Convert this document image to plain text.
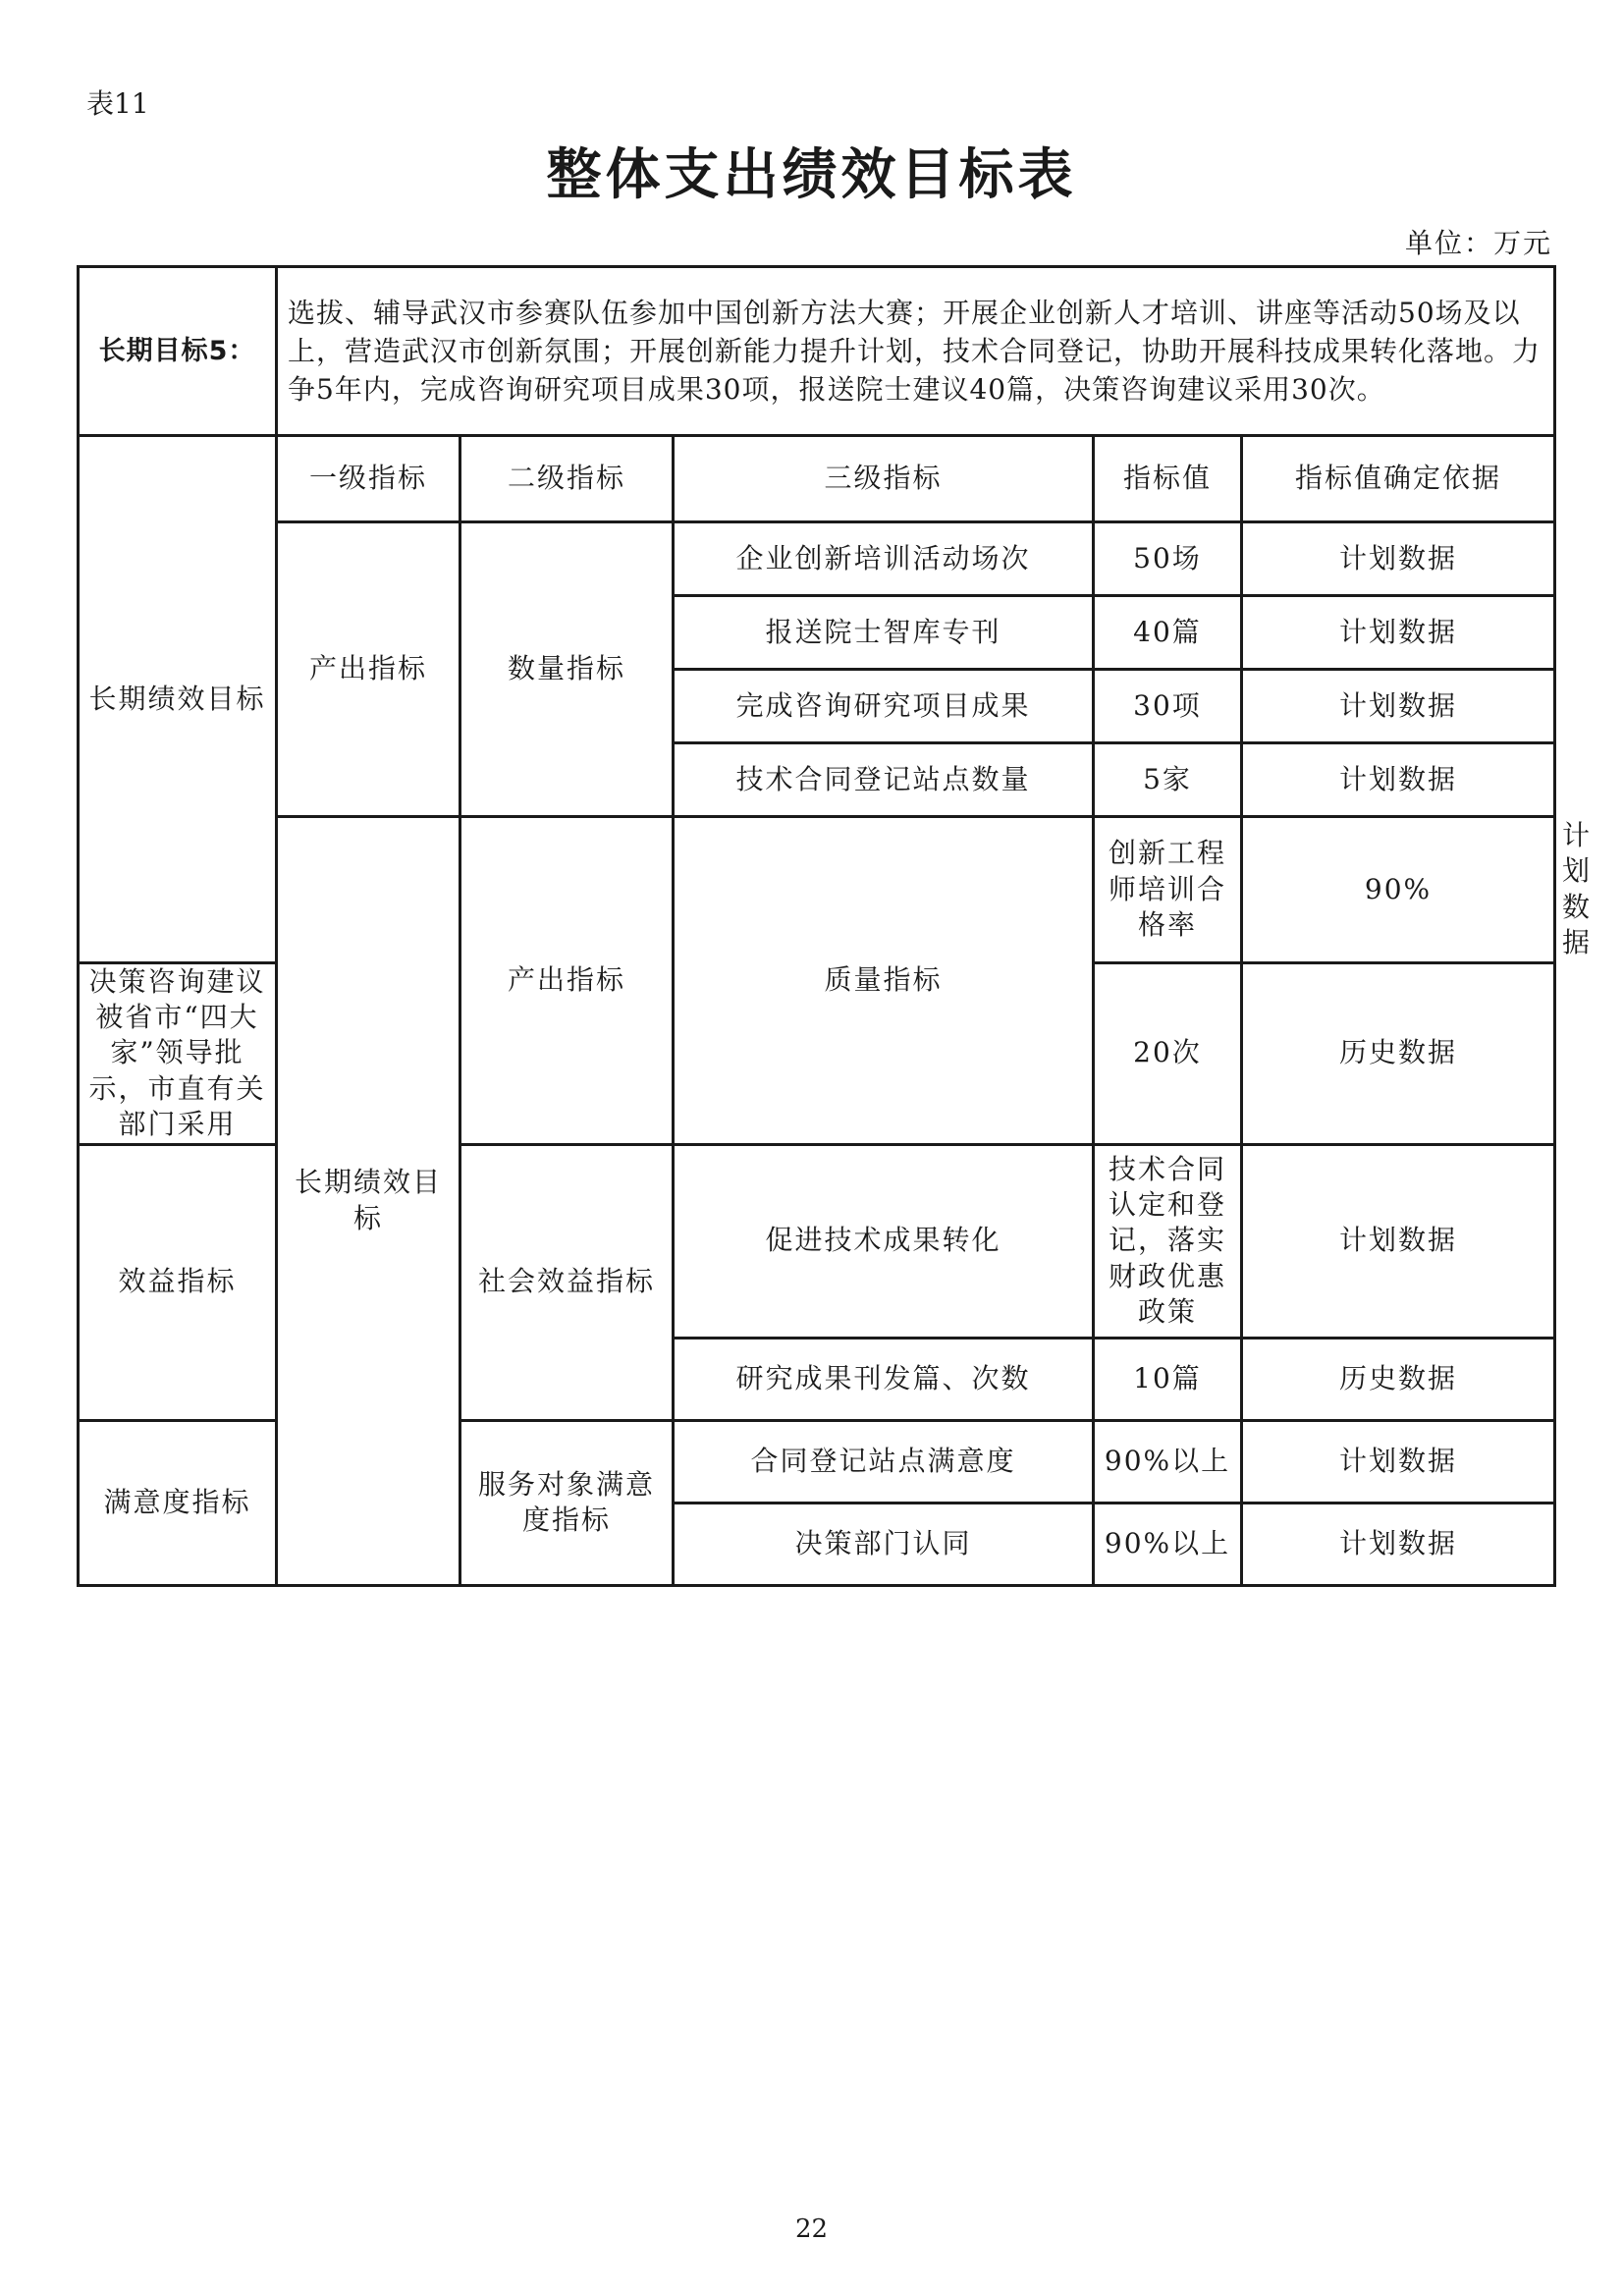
表11
整体支出绩效目标表
单位：万元
长期目标5：	选拔、辅导武汉市参赛队伍参加中国创新方法大赛；开展企业创新人才培训、讲座等活动50场及以上，营造武汉市创新氛围；开展创新能力提升计划，技术合同登记，协助开展科技成果转化落地。力争5年内，完成咨询研究项目成果30项，报送院士建议40篇，决策咨询建议采用30次。					
长期绩效目标	一级指标	二级指标	三级指标	指标值	指标值确定依据	
	产出指标	数量指标	企业创新培训活动场次	50场	计划数据	
			报送院士智库专刊	40篇	计划数据	
			完成咨询研究项目成果	30项	计划数据	
			技术合同登记站点数量	5家	计划数据	
	长期绩效目标	产出指标	质量指标	创新工程师培训合格率	90%	计划数据
决策咨询建议被省市“四大家”领导批示，市直有关部门采用				20次	历史数据	
效益指标		社会效益指标	促进技术成果转化	技术合同认定和登记，落实财政优惠政策	计划数据	
			研究成果刊发篇、次数	10篇	历史数据	
满意度指标		服务对象满意度指标	合同登记站点满意度	90%以上	计划数据	
			决策部门认同	90%以上	计划数据	
22
